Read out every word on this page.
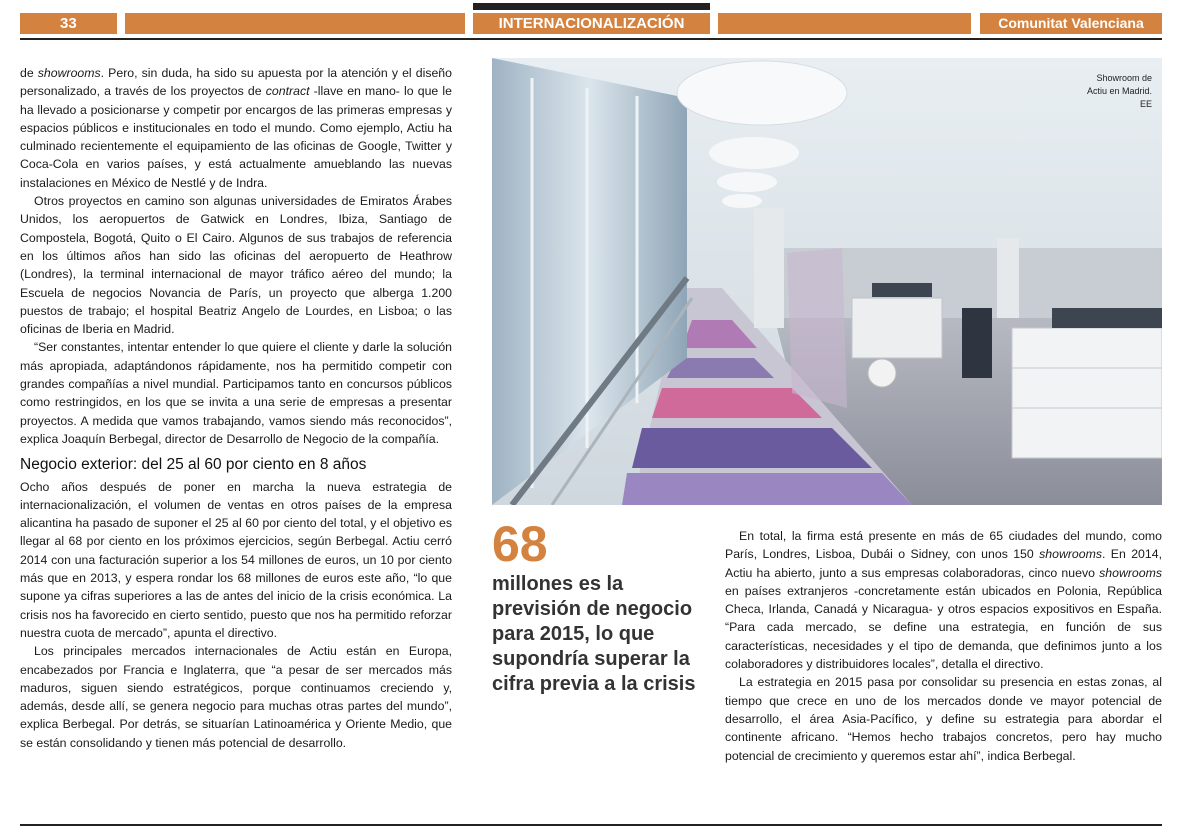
33	INTERNACIONALIZACIÓN	Comunitat Valenciana

de showrooms. Pero, sin duda, ha sido su apuesta por la atención y el diseño personalizado, a través de los proyectos de contract -llave en mano- lo que le ha llevado a posicionarse y competir por encargos de las primeras empresas y espacios públicos e institucionales en todo el mundo. Como ejemplo, Actiu ha culminado recientemente el equipamiento de las oficinas de Google, Twitter y Coca-Cola en varios países, y está actualmente amueblando las nuevas instalaciones en México de Nestlé y de Indra.

Otros proyectos en camino son algunas universidades de Emiratos Árabes Unidos, los aeropuertos de Gatwick en Londres, Ibiza, Santiago de Compostela, Bogotá, Quito o El Cairo. Algunos de sus trabajos de referencia en los últimos años han sido las oficinas del aeropuerto de Heathrow (Londres), la terminal internacional de mayor tráfico aéreo del mundo; la Escuela de negocios Novancia de París, un proyecto que alberga 1.200 puestos de trabajo; el hospital Beatriz Angelo de Lourdes, en Lisboa; o las oficinas de Iberia en Madrid.

“Ser constantes, intentar entender lo que quiere el cliente y darle la solución más apropiada, adaptándonos rápidamente, nos ha permitido competir con grandes compañías a nivel mundial. Participamos tanto en concursos públicos como restringidos, en los que se invita a una serie de empresas a presentar proyectos. A medida que vamos trabajando, vamos siendo más reconocidos”, explica Joaquín Berbegal, director de Desarrollo de Negocio de la compañía.

Negocio exterior: del 25 al 60 por ciento en 8 años

Ocho años después de poner en marcha la nueva estrategia de internacionalización, el volumen de ventas en otros países de la empresa alicantina ha pasado de suponer el 25 al 60 por ciento del total, y el objetivo es llegar al 68 por ciento en los próximos ejercicios, según Berbegal. Actiu cerró 2014 con una facturación superior a los 54 millones de euros, un 10 por ciento más que en 2013, y espera rondar los 68 millones de euros este año, “lo que supone ya cifras superiores a las de antes del inicio de la crisis económica. La crisis nos ha favorecido en cierto sentido, puesto que nos ha permitido reforzar nuestra cuota de mercado”, apunta el directivo.

Los principales mercados internacionales de Actiu están en Europa, encabezados por Francia e Inglaterra, que “a pesar de ser mercados más maduros, siguen siendo estratégicos, porque continuamos creciendo y, además, desde allí, se genera negocio para muchas otras partes del mundo”, explica Berbegal. Por detrás, se situarían Latinoamérica y Oriente Medio, que se están consolidando y tienen más potencial de desarrollo.

Showroom de
Actiu en Madrid.
EE
68
millones es la previsión de negocio para 2015, lo que supondría superar la cifra previa a la crisis

En total, la firma está presente en más de 65 ciudades del mundo, como París, Londres, Lisboa, Dubái o Sidney, con unos 150 showrooms. En 2014, Actiu ha abierto, junto a sus empresas colaboradoras, cinco nuevo showrooms en países extranjeros -concretamente están ubicados en Polonia, República Checa, Irlanda, Canadá y Nicaragua- y otros espacios expositivos en España. “Para cada mercado, se define una estrategia, en función de sus características, necesidades y el tipo de demanda, que definimos junto a los colaboradores y distribuidores locales”, detalla el directivo.

La estrategia en 2015 pasa por consolidar su presencia en estas zonas, al tiempo que crece en uno de los mercados donde ve mayor potencial de desarrollo, el área Asia-Pacífico, y define su estrategia para abordar el continente africano. “Hemos hecho trabajos concretos, pero hay mucho potencial de crecimiento y queremos estar ahí”, indica Berbegal.
